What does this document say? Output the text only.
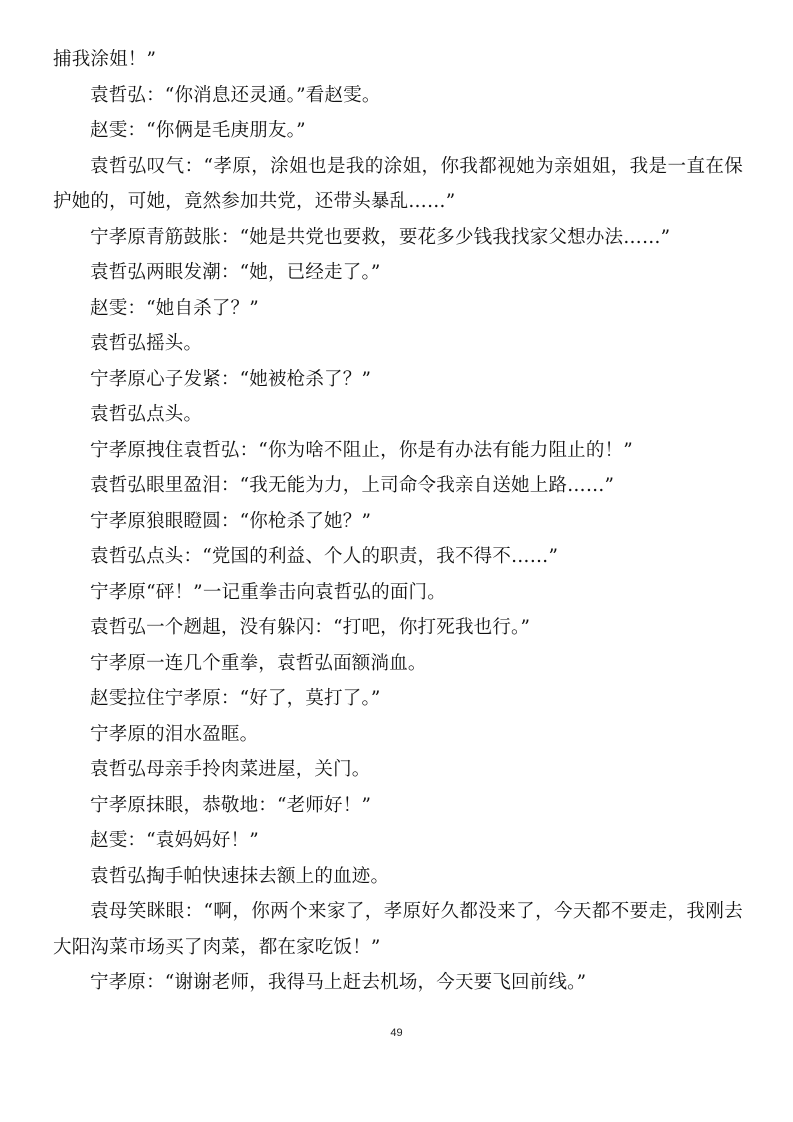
捕我涂姐！”

袁哲弘：“你消息还灵通。”看赵雯。

赵雯：“你俩是毛庚朋友。”

袁哲弘叹气：“孝原，涂姐也是我的涂姐，你我都视她为亲姐姐，我是一直在保护她的，可她，竟然参加共党，还带头暴乱……”

宁孝原青筋鼓胀：“她是共党也要救，要花多少钱我找家父想办法……”

袁哲弘两眼发潮：“她，已经走了。”

赵雯：“她自杀了？”

袁哲弘摇头。

宁孝原心子发紧：“她被枪杀了？”

袁哲弘点头。

宁孝原拽住袁哲弘：“你为啥不阻止，你是有办法有能力阻止的！”

袁哲弘眼里盈泪：“我无能为力，上司命令我亲自送她上路……”

宁孝原狼眼瞪圆：“你枪杀了她？”

袁哲弘点头：“党国的利益、个人的职责，我不得不……”

宁孝原“砰！”一记重拳击向袁哲弘的面门。

袁哲弘一个趔趄，没有躲闪：“打吧，你打死我也行。”

宁孝原一连几个重拳，袁哲弘面额淌血。

赵雯拉住宁孝原：“好了，莫打了。”

宁孝原的泪水盈眶。

袁哲弘母亲手拎肉菜进屋，关门。

宁孝原抹眼，恭敬地：“老师好！”

赵雯：“袁妈妈好！”

袁哲弘掏手帕快速抹去额上的血迹。

袁母笑眯眼：“啊，你两个来家了，孝原好久都没来了，今天都不要走，我刚去大阳沟菜市场买了肉菜，都在家吃饭！”

宁孝原：“谢谢老师，我得马上赶去机场，今天要飞回前线。”

49
